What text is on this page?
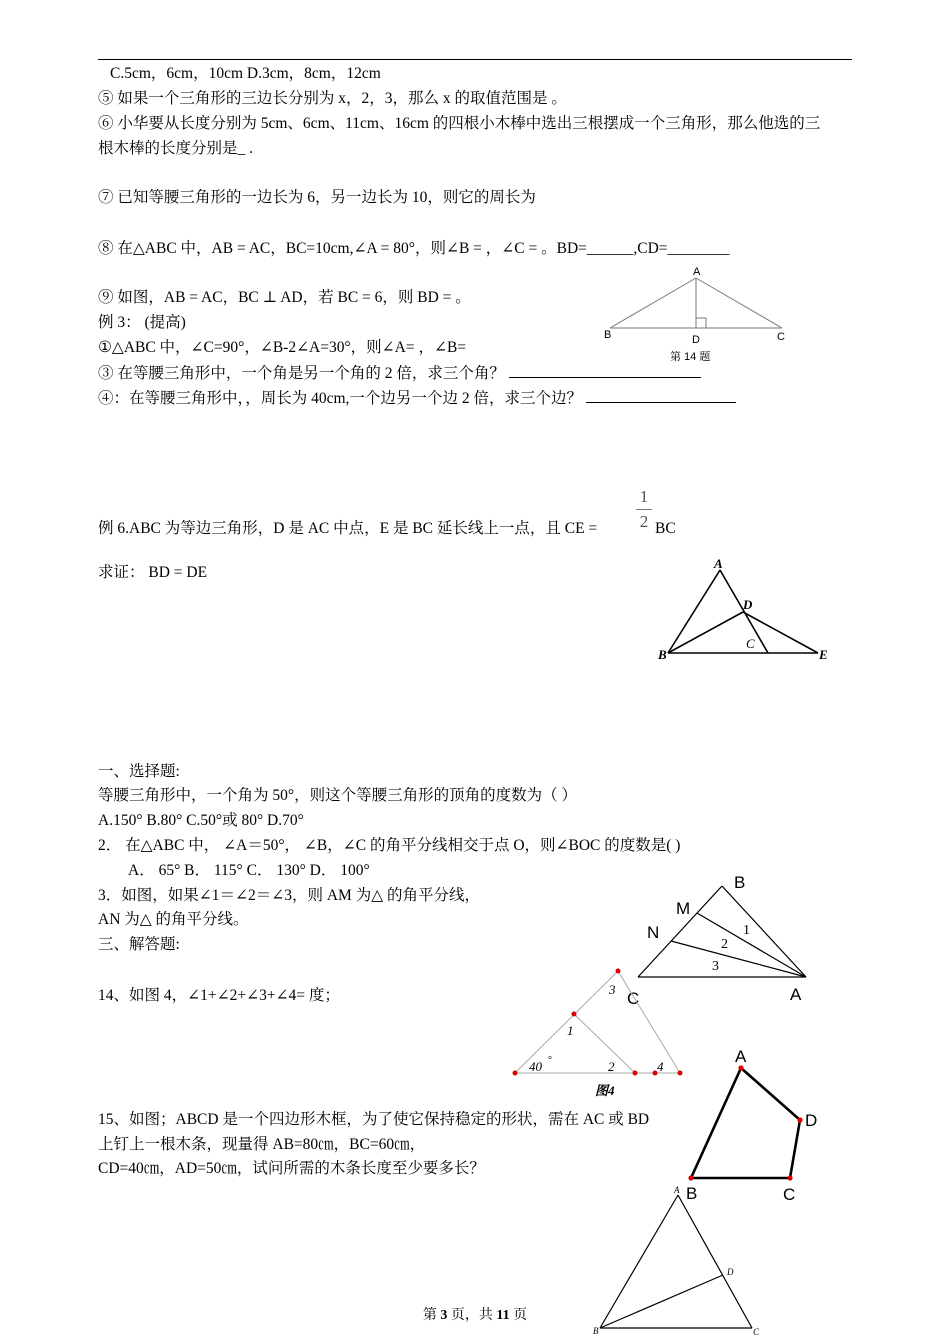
C.5cm，6cm，10cm D.3cm，8cm，12cm
⑤ 如果一个三角形的三边长分别为 x，2，3，那么 x 的取值范围是 。
⑥ 小华要从长度分别为 5cm、6cm、11cm、16cm 的四根小木棒中选出三根摆成一个三角形，那么他选的三
根木棒的长度分别是_ .
⑦ 已知等腰三角形的一边长为 6，另一边长为 10，则它的周长为
⑧ 在△ABC 中，AB = AC，BC=10cm,∠A = 80°，则∠B = ，∠C = 。BD=______,CD=________
⑨ 如图，AB = AC，BC ⊥ AD，若 BC = 6，则 BD = 。
例 3： (提高)
①△ABC 中，∠C=90°，∠B-2∠A=30°，则∠A= ，∠B=
③ 在等腰三角形中，一个角是另一个角的 2 倍，求三个角？
④：在等腰三角形中，，周长为 40cm,一个边另一个边 2 倍，求三个边？
A
B	C
D
第 14 题
例 6.ABC 为等边三角形，D 是 AC 中点，E 是 BC 延长线上一点，且 CE =
1
2 BC
求证： BD = DE
A
B
C
D
E
一、选择题:
等腰三角形中，一个角为 50°，则这个等腰三角形的顶角的度数为（ ）
A.150° B.80° C.50°或 80° D.70°
2． 在△ABC 中， ∠A＝50°， ∠B，∠C 的角平分线相交于点 O，则∠BOC 的度数是( )
A． 65° B． 115° C． 130° D． 100°
3．如图，如果∠1＝∠2＝∠3，则 AM 为△ 的角平分线，
AN 为△ 的角平分线。
三、解答题:
14、如图 4，∠1+∠2+∠3+∠4= 度；
B
M
N
A
C
1
2
3
3
1
2	4
40 °
图4
15、如图；ABCD 是一个四边形木框，为了使它保持稳定的形状，需在 AC 或 BD
上钉上一根木条，现量得 AB=80㎝，BC=60㎝，
CD=40㎝，AD=50㎝，试问所需的木条长度至少要多长？
A
B	C
D
A
B	C
D
第 3 页，共 11 页
